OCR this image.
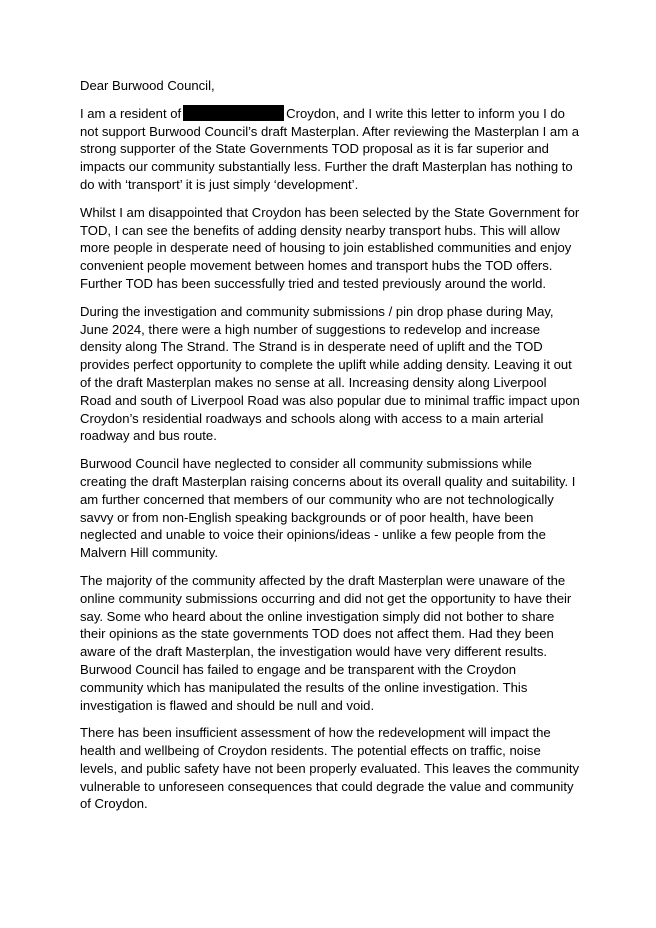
Dear Burwood Council,

I am a resident of	Croydon, and I write this letter to inform you I do not support Burwood Council’s draft Masterplan. After reviewing the Masterplan I am a strong supporter of the State Governments TOD proposal as it is far superior and impacts our community substantially less. Further the draft Masterplan has nothing to do with ‘transport’ it is just simply ‘development’.

Whilst I am disappointed that Croydon has been selected by the State Government for TOD, I can see the benefits of adding density nearby transport hubs. This will allow more people in desperate need of housing to join established communities and enjoy convenient people movement between homes and transport hubs the TOD offers. Further TOD has been successfully tried and tested previously around the world.

During the investigation and community submissions / pin drop phase during May, June 2024, there were a high number of suggestions to redevelop and increase density along The Strand. The Strand is in desperate need of uplift and the TOD provides perfect opportunity to complete the uplift while adding density. Leaving it out of the draft Masterplan makes no sense at all. Increasing density along Liverpool Road and south of Liverpool Road was also popular due to minimal traffic impact upon Croydon’s residential roadways and schools along with access to a main arterial roadway and bus route.

Burwood Council have neglected to consider all community submissions while creating the draft Masterplan raising concerns about its overall quality and suitability. I am further concerned that members of our community who are not technologically savvy or from non-English speaking backgrounds or of poor health, have been neglected and unable to voice their opinions/ideas - unlike a few people from the Malvern Hill community.

The majority of the community affected by the draft Masterplan were unaware of the online community submissions occurring and did not get the opportunity to have their say. Some who heard about the online investigation simply did not bother to share their opinions as the state governments TOD does not affect them. Had they been aware of the draft Masterplan, the investigation would have very different results. Burwood Council has failed to engage and be transparent with the Croydon community which has manipulated the results of the online investigation. This investigation is flawed and should be null and void.

There has been insufficient assessment of how the redevelopment will impact the health and wellbeing of Croydon residents. The potential effects on traffic, noise levels, and public safety have not been properly evaluated. This leaves the community vulnerable to unforeseen consequences that could degrade the value and community of Croydon.
